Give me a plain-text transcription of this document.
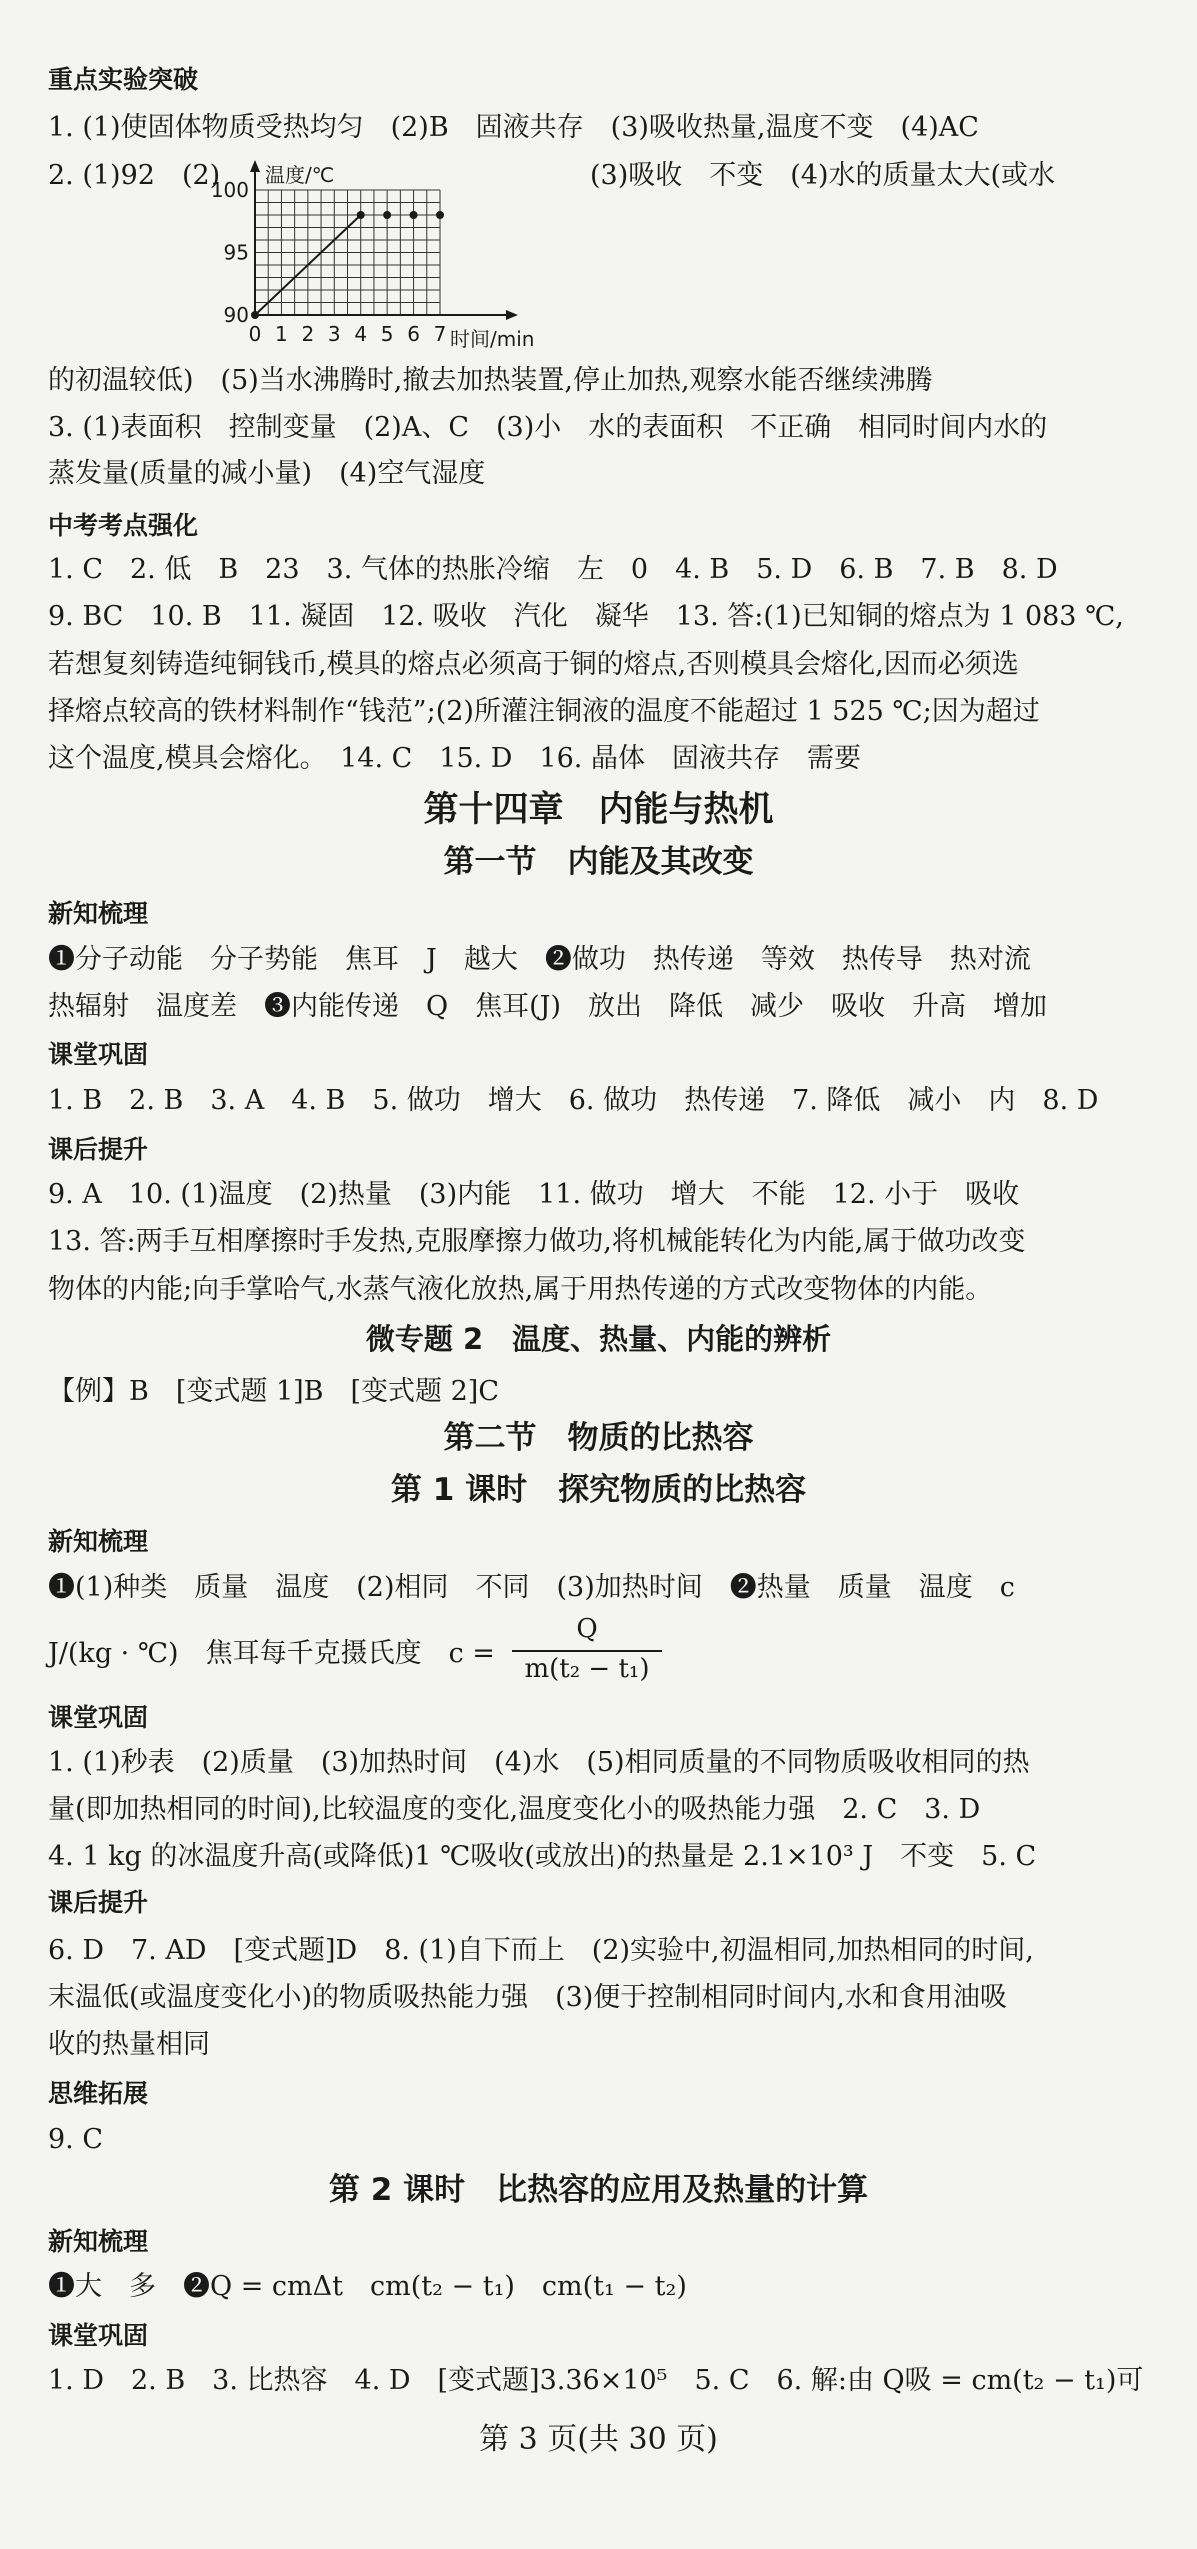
重点实验突破
1. (1)使固体物质受热均匀　(2)B　固液共存　(3)吸收热量,温度不变　(4)AC
2. (1)92　(2)	(3)吸收　不变　(4)水的质量太大(或水
温度/℃
时间/min
90
95
100
0 1 2 3 4 5 6 7
的初温较低)　(5)当水沸腾时,撤去加热装置,停止加热,观察水能否继续沸腾
3. (1)表面积　控制变量　(2)A、C　(3)小　水的表面积　不正确　相同时间内水的
蒸发量(质量的减小量)　(4)空气湿度
中考考点强化
1. C　2. 低　B　23　3. 气体的热胀冷缩　左　0　4. B　5. D　6. B　7. B　8. D
9. BC　10. B　11. 凝固　12. 吸收　汽化　凝华　13. 答:(1)已知铜的熔点为 1 083 ℃,
若想复刻铸造纯铜钱币,模具的熔点必须高于铜的熔点,否则模具会熔化,因而必须选
择熔点较高的铁材料制作“钱范”;(2)所灌注铜液的温度不能超过 1 525 ℃;因为超过
这个温度,模具会熔化。　14. C　15. D　16. 晶体　固液共存　需要
第十四章　内能与热机
第一节　内能及其改变
新知梳理
❶分子动能　分子势能　焦耳　J　越大　❷做功　热传递　等效　热传导　热对流
热辐射　温度差　❸内能传递　Q　焦耳(J)　放出　降低　减少　吸收　升高　增加
课堂巩固
1. B　2. B　3. A　4. B　5. 做功　增大　6. 做功　热传递　7. 降低　减小　内　8. D
课后提升
9. A　10. (1)温度　(2)热量　(3)内能　11. 做功　增大　不能　12. 小于　吸收
13. 答:两手互相摩擦时手发热,克服摩擦力做功,将机械能转化为内能,属于做功改变
物体的内能;向手掌哈气,水蒸气液化放热,属于用热传递的方式改变物体的内能。
微专题 2　温度、热量、内能的辨析
【例】B　[变式题 1]B　[变式题 2]C
第二节　物质的比热容
第 1 课时　探究物质的比热容
新知梳理
❶(1)种类　质量　温度　(2)相同　不同　(3)加热时间　❷热量　质量　温度　c
J/(kg · ℃)　焦耳每千克摄氏度　c =
Q
m(t₂ − t₁)
课堂巩固
1. (1)秒表　(2)质量　(3)加热时间　(4)水　(5)相同质量的不同物质吸收相同的热
量(即加热相同的时间),比较温度的变化,温度变化小的吸热能力强　2. C　3. D
4. 1 kg 的冰温度升高(或降低)1 ℃吸收(或放出)的热量是 2.1×10³ J　不变　5. C
课后提升
6. D　7. AD　[变式题]D　8. (1)自下而上　(2)实验中,初温相同,加热相同的时间,
末温低(或温度变化小)的物质吸热能力强　(3)便于控制相同时间内,水和食用油吸
收的热量相同
思维拓展
9. C
第 2 课时　比热容的应用及热量的计算
新知梳理
❶大　多　❷Q = cmΔt　cm(t₂ − t₁)　cm(t₁ − t₂)
课堂巩固
1. D　2. B　3. 比热容　4. D　[变式题]3.36×10⁵　5. C　6. 解:由 Q吸 = cm(t₂ − t₁)可
第 3 页(共 30 页)
